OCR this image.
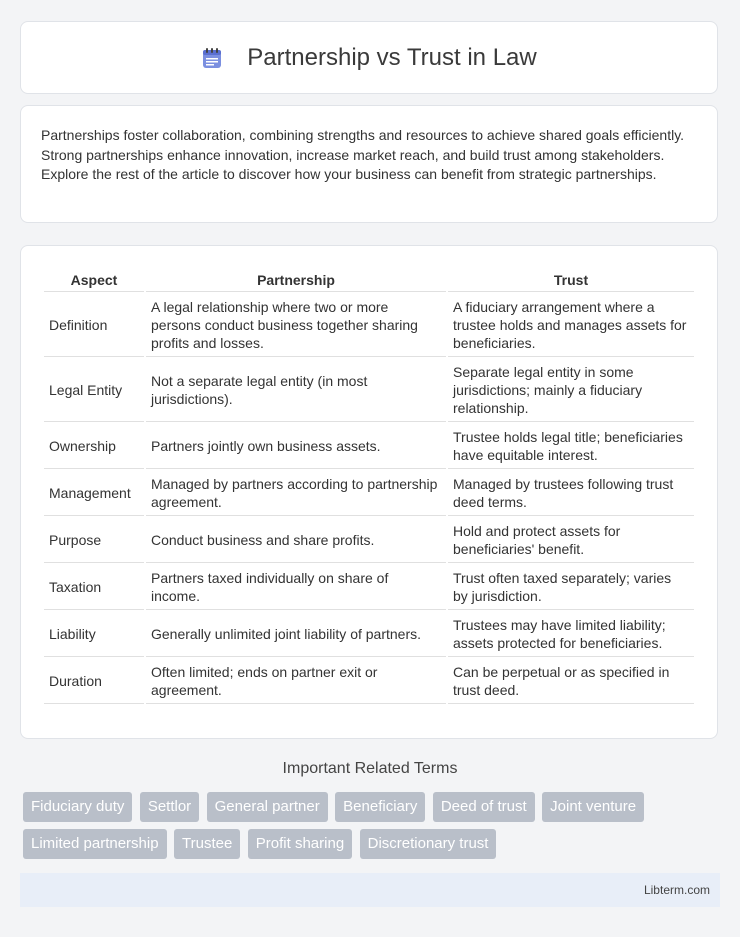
Partnership vs Trust in Law

Partnerships foster collaboration, combining strengths and resources to achieve shared goals efficiently. Strong partnerships enhance innovation, increase market reach, and build trust among stakeholders. Explore the rest of the article to discover how your business can benefit from strategic partnerships.

Aspect	Partnership	Trust
Definition	A legal relationship where two or more persons conduct business together sharing profits and losses.	A fiduciary arrangement where a trustee holds and manages assets for beneficiaries.
Legal Entity	Not a separate legal entity (in most jurisdictions).	Separate legal entity in some jurisdictions; mainly a fiduciary relationship.
Ownership	Partners jointly own business assets.	Trustee holds legal title; beneficiaries have equitable interest.
Management	Managed by partners according to partnership agreement.	Managed by trustees following trust deed terms.
Purpose	Conduct business and share profits.	Hold and protect assets for beneficiaries' benefit.
Taxation	Partners taxed individually on share of income.	Trust often taxed separately; varies by jurisdiction.
Liability	Generally unlimited joint liability of partners.	Trustees may have limited liability; assets protected for beneficiaries.
Duration	Often limited; ends on partner exit or agreement.	Can be perpetual or as specified in trust deed.
Important Related Terms
Fiduciary duty Settlor General partner Beneficiary Deed of trust Joint venture Limited partnership Trustee Profit sharing Discretionary trust
Libterm.com
